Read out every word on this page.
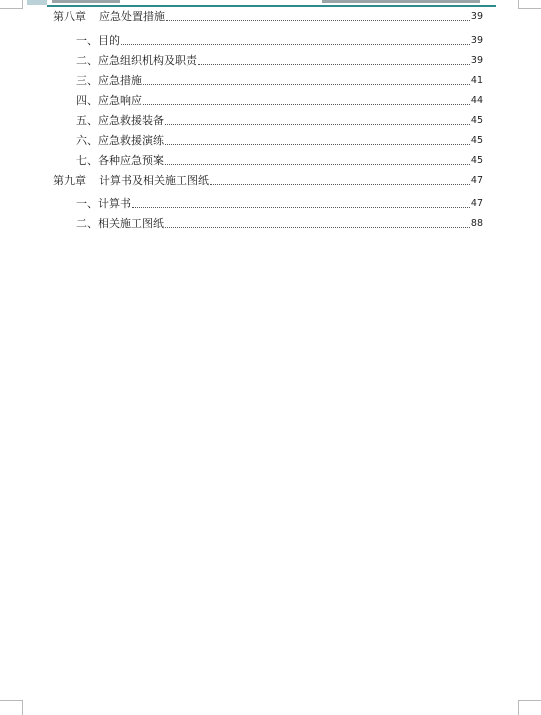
第八章 应急处置措施	39
一、目的	39
二、应急组织机构及职责	39
三、应急措施	41
四、应急响应	44
五、应急救援装备	45
六、应急救援演练	45
七、各种应急预案	45
第九章 计算书及相关施工图纸	47
一、计算书	47
二、相关施工图纸	88
